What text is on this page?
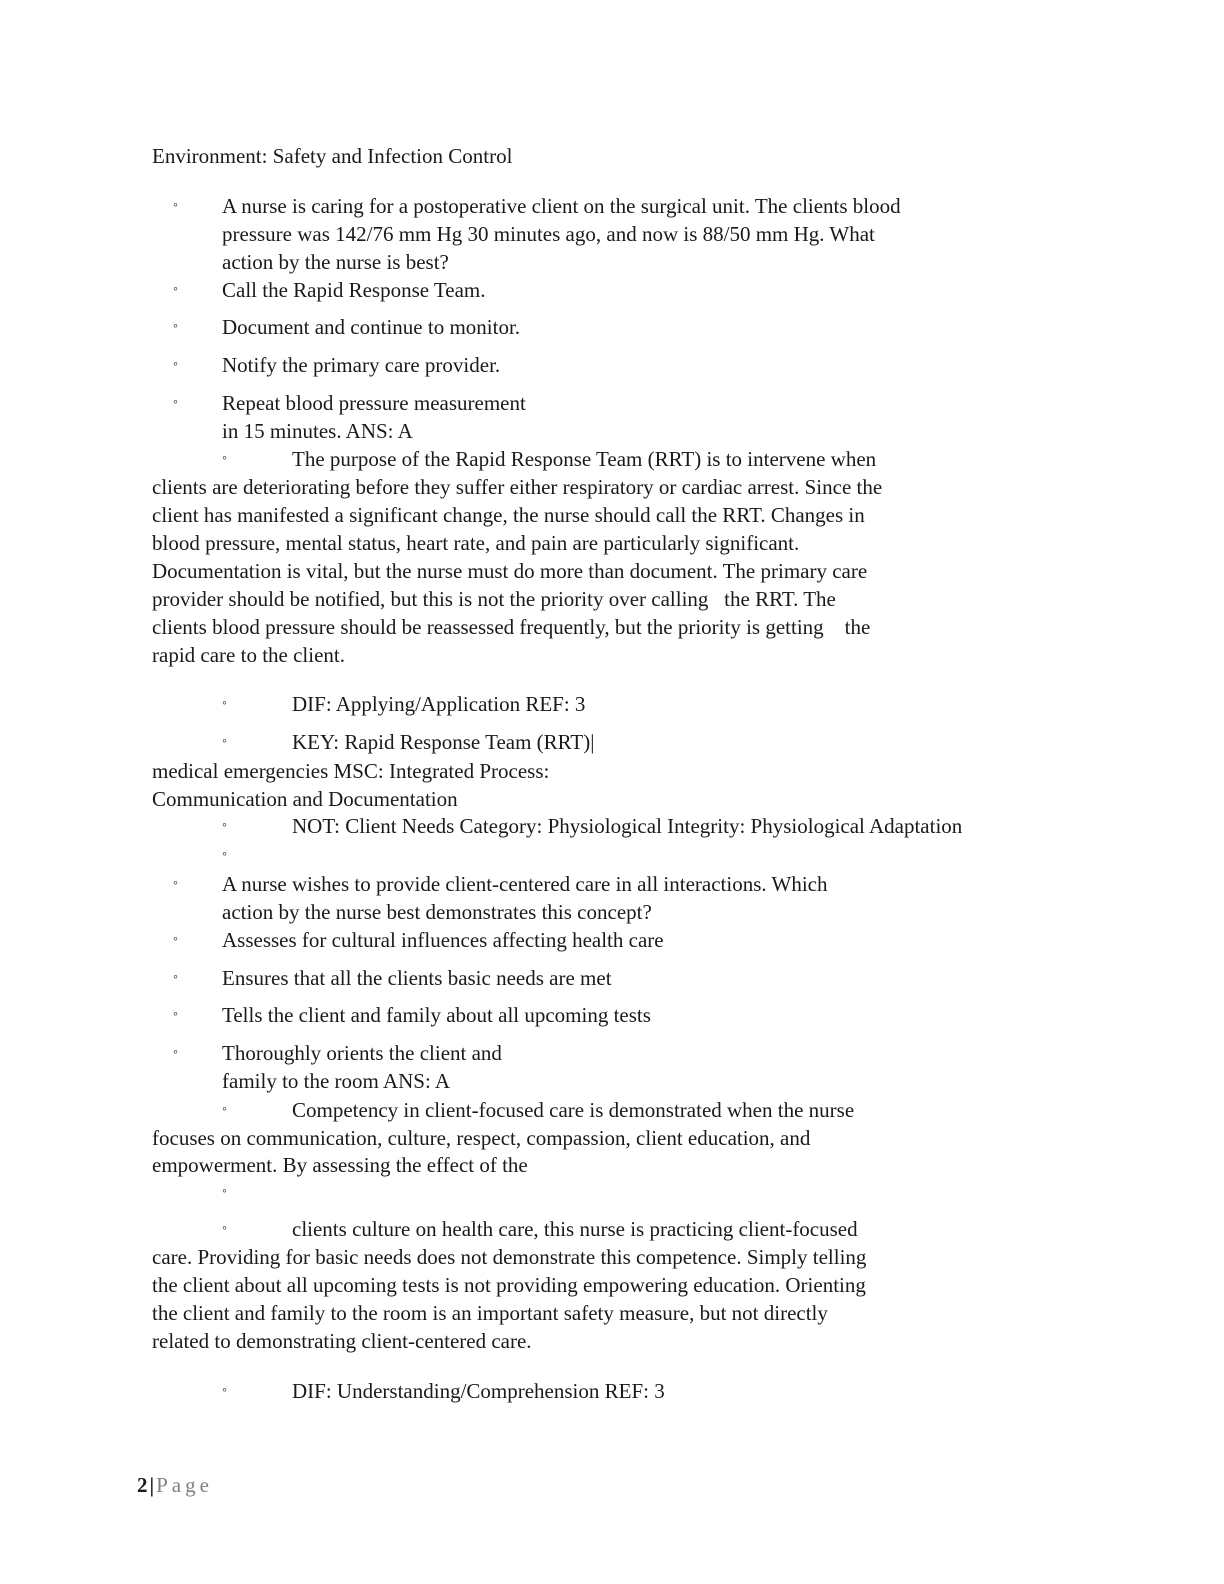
Environment: Safety and Infection Control
◦ A nurse is caring for a postoperative client on the surgical unit. The clients blood
pressure was 142/76 mm Hg 30 minutes ago, and now is 88/50 mm Hg. What
action by the nurse is best?
◦ Call the Rapid Response Team.
◦ Document and continue to monitor.
◦ Notify the primary care provider.
◦ Repeat blood pressure measurement
in 15 minutes. ANS: A
◦	The purpose of the Rapid Response Team (RRT) is to intervene when
clients are deteriorating before they suffer either respiratory or cardiac arrest. Since the
client has manifested a significant change, the nurse should call the RRT. Changes in
blood pressure, mental status, heart rate, and pain are particularly significant.
Documentation is vital, but the nurse must do more than document. The primary care
provider should be notified, but this is not the priority over calling   the RRT. The
clients blood pressure should be reassessed frequently, but the priority is getting    the
rapid care to the client.
◦	DIF: Applying/Application REF: 3
◦	KEY: Rapid Response Team (RRT)|
medical emergencies MSC: Integrated Process:
Communication and Documentation
◦	NOT: Client Needs Category: Physiological Integrity: Physiological Adaptation
◦
◦ A nurse wishes to provide client-centered care in all interactions. Which
action by the nurse best demonstrates this concept?
◦ Assesses for cultural influences affecting health care
◦ Ensures that all the clients basic needs are met
◦ Tells the client and family about all upcoming tests
◦ Thoroughly orients the client and
family to the room ANS: A
◦	Competency in client-focused care is demonstrated when the nurse
focuses on communication, culture, respect, compassion, client education, and
empowerment. By assessing the effect of the
◦
◦	clients culture on health care, this nurse is practicing client-focused
care. Providing for basic needs does not demonstrate this competence. Simply telling
the client about all upcoming tests is not providing empowering education. Orienting
the client and family to the room is an important safety measure, but not directly
related to demonstrating client-centered care.
◦	DIF: Understanding/Comprehension REF: 3
2|Page
